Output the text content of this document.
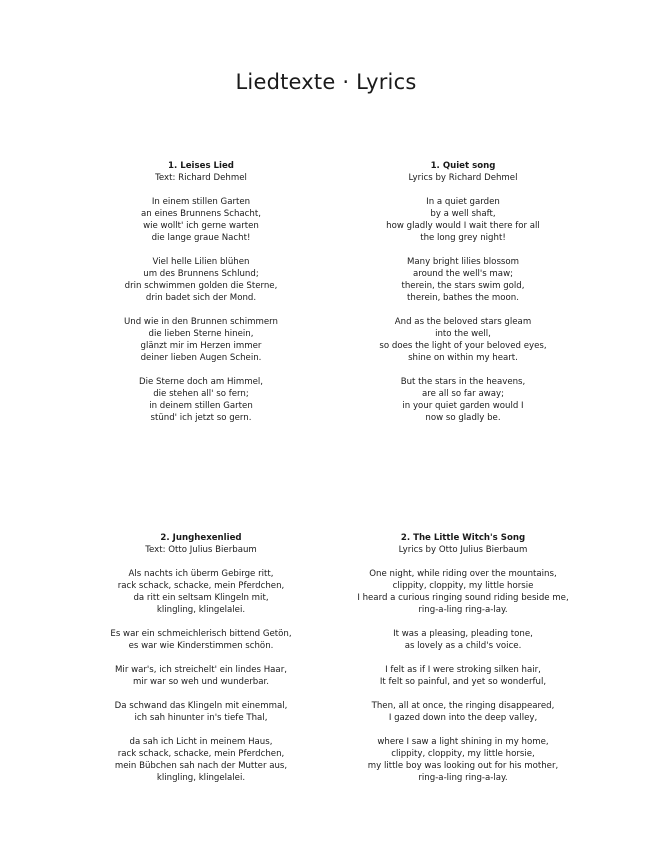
Liedtexte · Lyrics
1. Leises Lied
Text: Richard Dehmel
In einem stillen Garten
an eines Brunnens Schacht,
wie wollt' ich gerne warten
die lange graue Nacht!
Viel helle Lilien blühen
um des Brunnens Schlund;
drin schwimmen golden die Sterne,
drin badet sich der Mond.
Und wie in den Brunnen schimmern
die lieben Sterne hinein,
glänzt mir im Herzen immer
deiner lieben Augen Schein.
Die Sterne doch am Himmel,
die stehen all' so fern;
in deinem stillen Garten
stünd' ich jetzt so gern.
1. Quiet song
Lyrics by Richard Dehmel
In a quiet garden
by a well shaft,
how gladly would I wait there for all
the long grey night!
Many bright lilies blossom
around the well's maw;
therein, the stars swim gold,
therein, bathes the moon.
And as the beloved stars gleam
into the well,
so does the light of your beloved eyes,
shine on within my heart.
But the stars in the heavens,
are all so far away;
in your quiet garden would I
now so gladly be.
2. Junghexenlied
Text: Otto Julius Bierbaum
Als nachts ich überm Gebirge ritt,
rack schack, schacke, mein Pferdchen,
da ritt ein seltsam Klingeln mit,
klingling, klingelalei.
Es war ein schmeichlerisch bittend Getön,
es war wie Kinderstimmen schön.
Mir war's, ich streichelt' ein lindes Haar,
mir war so weh und wunderbar.
Da schwand das Klingeln mit einemmal,
ich sah hinunter in's tiefe Thal,
da sah ich Licht in meinem Haus,
rack schack, schacke, mein Pferdchen,
mein Bübchen sah nach der Mutter aus,
klingling, klingelalei.
2. The Little Witch's Song
Lyrics by Otto Julius Bierbaum
One night, while riding over the mountains,
clippity, cloppity, my little horsie
I heard a curious ringing sound riding beside me,
ring-a-ling ring-a-lay.
It was a pleasing, pleading tone,
as lovely as a child's voice.
I felt as if I were stroking silken hair,
It felt so painful, and yet so wonderful,
Then, all at once, the ringing disappeared,
I gazed down into the deep valley,
where I saw a light shining in my home,
clippity, cloppity, my little horsie,
my little boy was looking out for his mother,
ring-a-ling ring-a-lay.
